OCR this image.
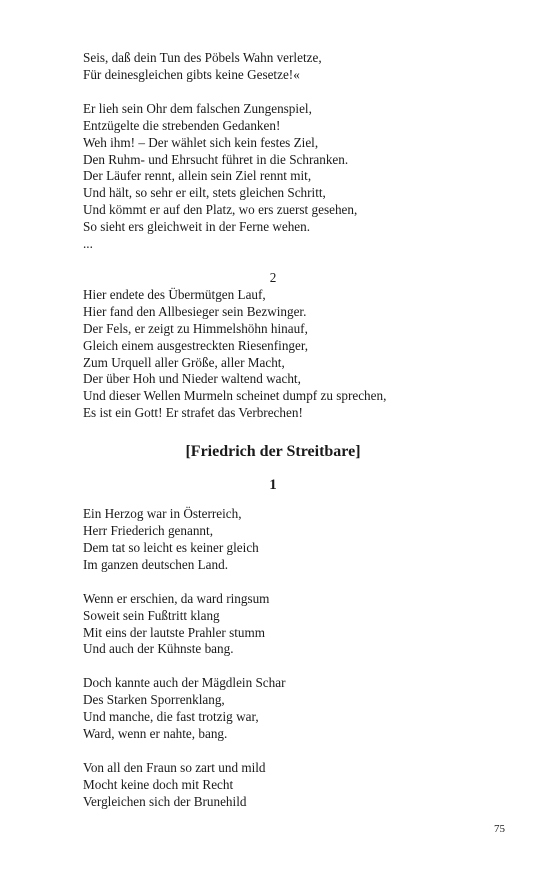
Seis, daß dein Tun des Pöbels Wahn verletze,
Für deinesgleichen gibts keine Gesetze!«
Er lieh sein Ohr dem falschen Zungenspiel,
Entzügelte die strebenden Gedanken!
Weh ihm! – Der wählet sich kein festes Ziel,
Den Ruhm- und Ehrsucht führet in die Schranken.
Der Läufer rennt, allein sein Ziel rennt mit,
Und hält, so sehr er eilt, stets gleichen Schritt,
Und kömmt er auf den Platz, wo ers zuerst gesehen,
So sieht ers gleichweit in der Ferne wehen.
...
2
Hier endete des Übermütgen Lauf,
Hier fand den Allbesieger sein Bezwinger.
Der Fels, er zeigt zu Himmelshöhn hinauf,
Gleich einem ausgestreckten Riesenfinger,
Zum Urquell aller Größe, aller Macht,
Der über Hoh und Nieder waltend wacht,
Und dieser Wellen Murmeln scheinet dumpf zu sprechen,
Es ist ein Gott! Er strafet das Verbrechen!
[Friedrich der Streitbare]
1
Ein Herzog war in Österreich,
Herr Friederich genannt,
Dem tat so leicht es keiner gleich
Im ganzen deutschen Land.
Wenn er erschien, da ward ringsum
Soweit sein Fußtritt klang
Mit eins der lautste Prahler stumm
Und auch der Kühnste bang.
Doch kannte auch der Mägdlein Schar
Des Starken Sporrenklang,
Und manche, die fast trotzig war,
Ward, wenn er nahte, bang.
Von all den Fraun so zart und mild
Mocht keine doch mit Recht
Vergleichen sich der Brunehild
75
